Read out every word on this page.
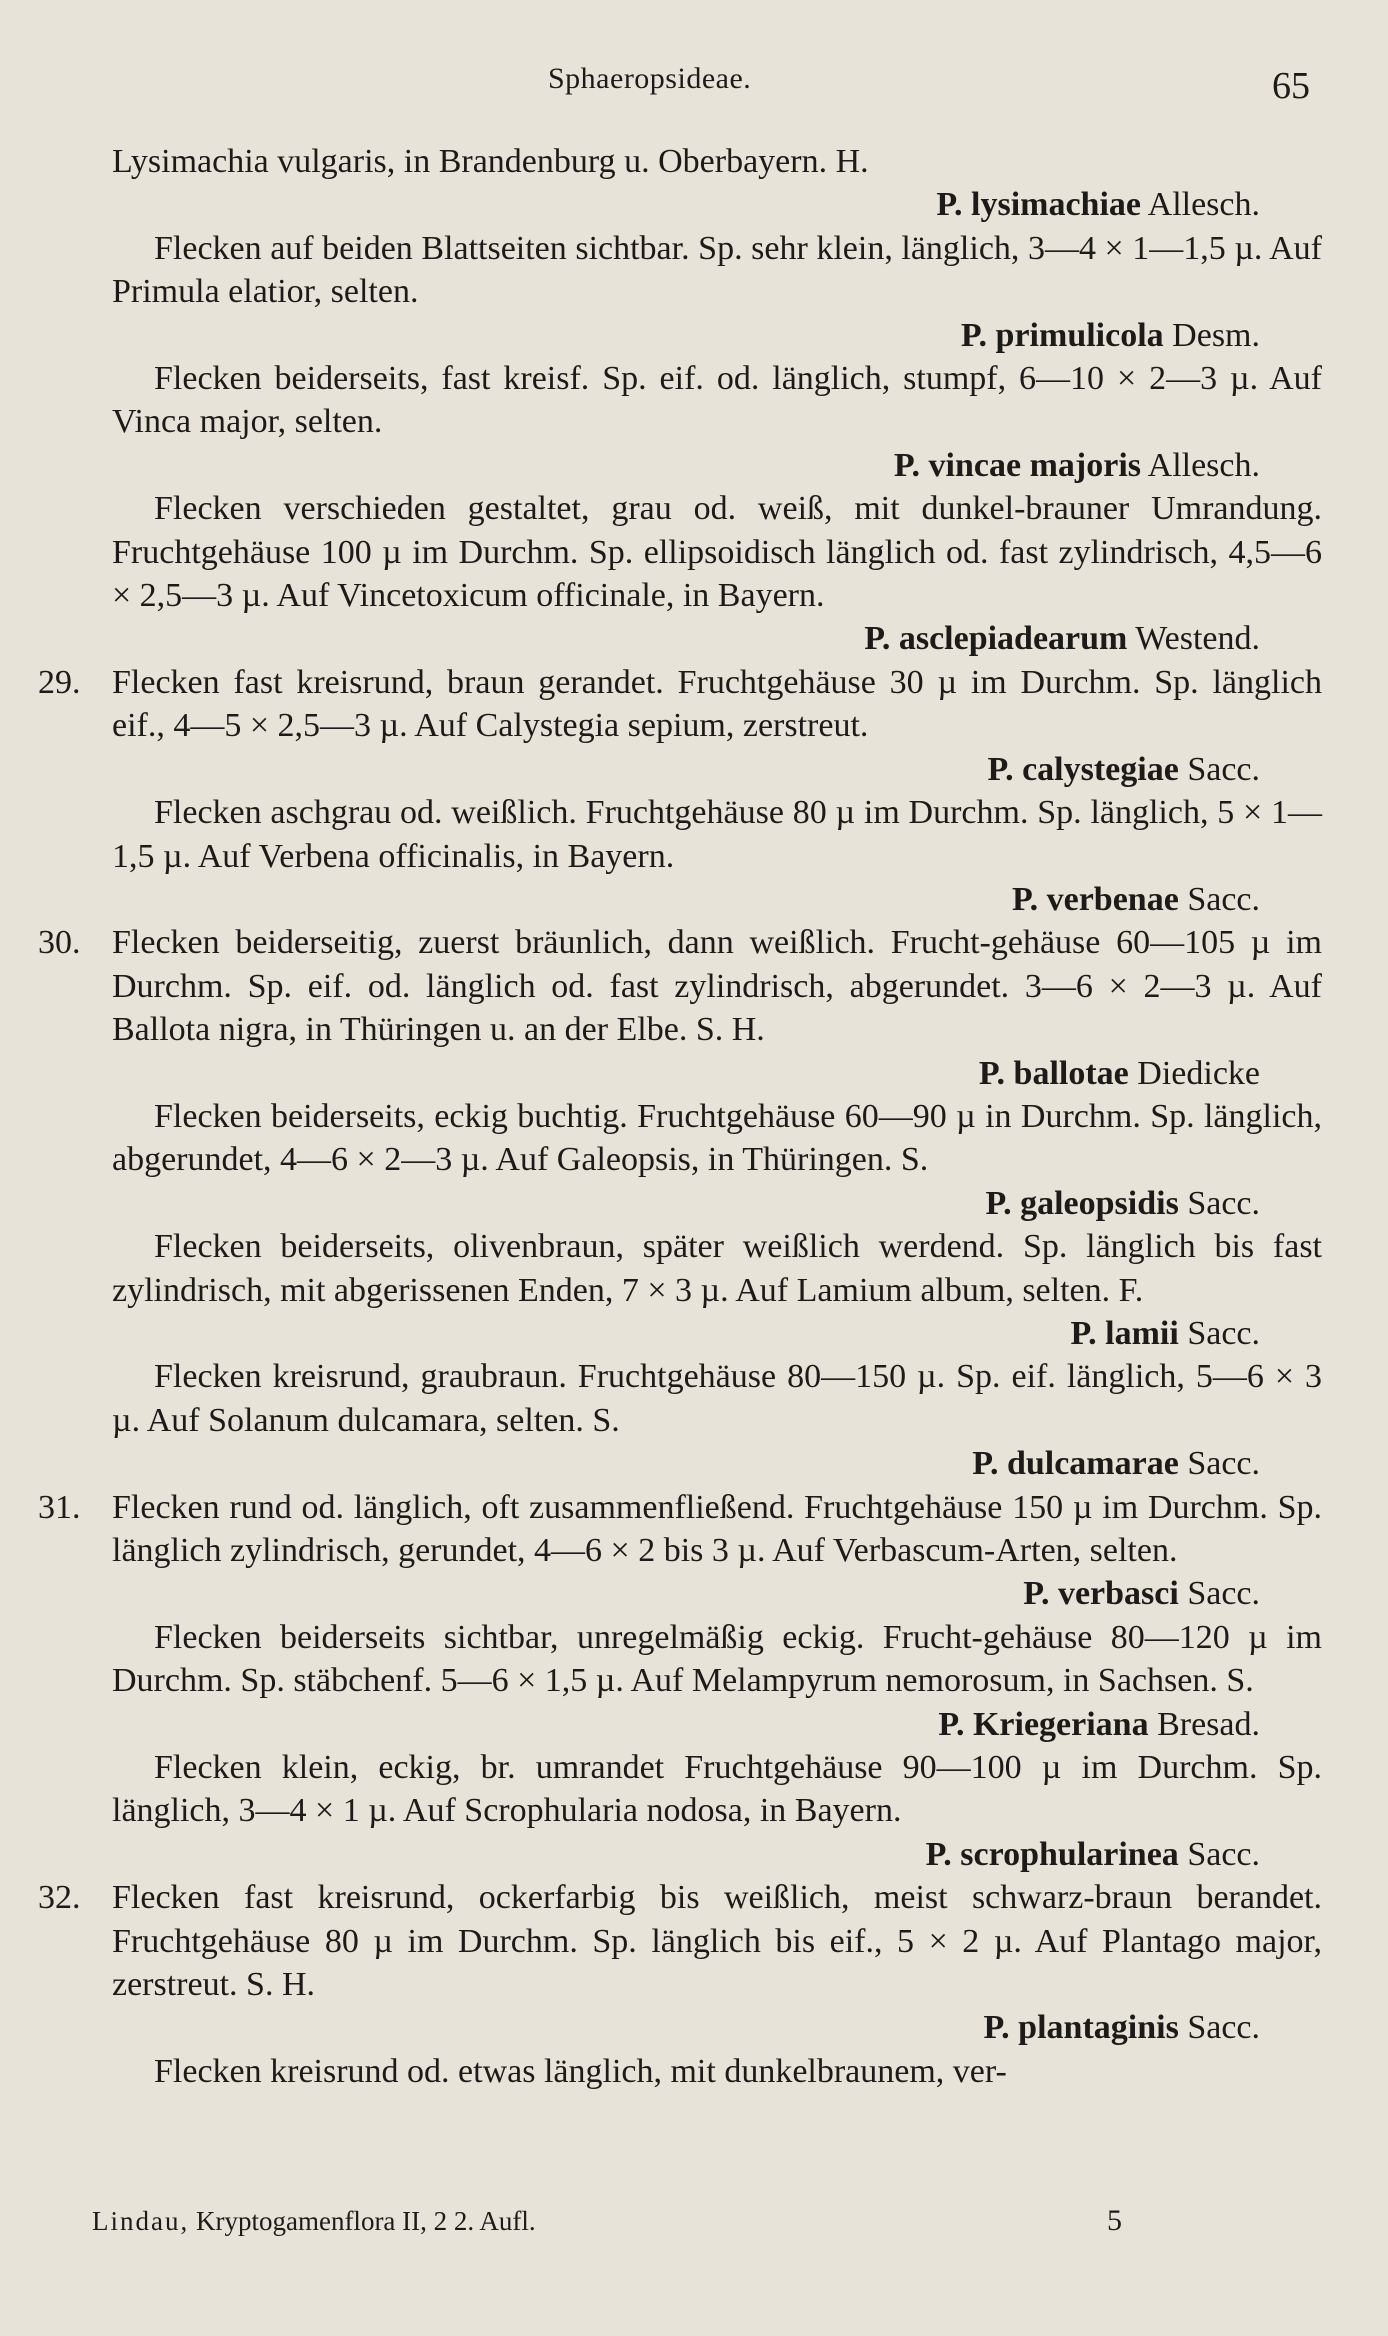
Sphaeropsideae.	65

Lysimachia vulgaris, in Brandenburg u. Oberbayern. H.

P. lysimachiae Allesch.

Flecken auf beiden Blattseiten sichtbar. Sp. sehr klein, länglich, 3—4 × 1—1,5 µ. Auf Primula elatior, selten.

P. primulicola Desm.

Flecken beiderseits, fast kreisf. Sp. eif. od. länglich, stumpf, 6—10 × 2—3 µ. Auf Vinca major, selten.

P. vincae majoris Allesch.

Flecken verschieden gestaltet, grau od. weiß, mit dunkel-brauner Umrandung. Fruchtgehäuse 100 µ im Durchm. Sp. ellipsoidisch länglich od. fast zylindrisch, 4,5—6 × 2,5—3 µ. Auf Vincetoxicum officinale, in Bayern.

P. asclepiadearum Westend.

29. Flecken fast kreisrund, braun gerandet. Fruchtgehäuse 30 µ im Durchm. Sp. länglich eif., 4—5 × 2,5—3 µ. Auf Calystegia sepium, zerstreut.

P. calystegiae Sacc.

Flecken aschgrau od. weißlich. Fruchtgehäuse 80 µ im Durchm. Sp. länglich, 5 × 1—1,5 µ. Auf Verbena officinalis, in Bayern.

P. verbenae Sacc.

30. Flecken beiderseitig, zuerst bräunlich, dann weißlich. Frucht-gehäuse 60—105 µ im Durchm. Sp. eif. od. länglich od. fast zylindrisch, abgerundet. 3—6 × 2—3 µ. Auf Ballota nigra, in Thüringen u. an der Elbe. S. H.

P. ballotae Diedicke

Flecken beiderseits, eckig buchtig. Fruchtgehäuse 60—90 µ in Durchm. Sp. länglich, abgerundet, 4—6 × 2—3 µ. Auf Galeopsis, in Thüringen. S.

P. galeopsidis Sacc.

Flecken beiderseits, olivenbraun, später weißlich werdend. Sp. länglich bis fast zylindrisch, mit abgerissenen Enden, 7 × 3 µ. Auf Lamium album, selten. F.

P. lamii Sacc.

Flecken kreisrund, graubraun. Fruchtgehäuse 80—150 µ. Sp. eif. länglich, 5—6 × 3 µ. Auf Solanum dulcamara, selten. S.

P. dulcamarae Sacc.

31. Flecken rund od. länglich, oft zusammenfließend. Fruchtgehäuse 150 µ im Durchm. Sp. länglich zylindrisch, gerundet, 4—6 × 2 bis 3 µ. Auf Verbascum-Arten, selten.

P. verbasci Sacc.

Flecken beiderseits sichtbar, unregelmäßig eckig. Frucht-gehäuse 80—120 µ im Durchm. Sp. stäbchenf. 5—6 × 1,5 µ. Auf Melampyrum nemorosum, in Sachsen. S.

P. Kriegeriana Bresad.

Flecken klein, eckig, br. umrandet Fruchtgehäuse 90—100 µ im Durchm. Sp. länglich, 3—4 × 1 µ. Auf Scrophularia nodosa, in Bayern.

P. scrophularinea Sacc.

32. Flecken fast kreisrund, ockerfarbig bis weißlich, meist schwarz-braun berandet. Fruchtgehäuse 80 µ im Durchm. Sp. länglich bis eif., 5 × 2 µ. Auf Plantago major, zerstreut. S. H.

P. plantaginis Sacc.

Flecken kreisrund od. etwas länglich, mit dunkelbraunem, ver-

Lindau, Kryptogamenflora II, 2 2. Aufl.	5
